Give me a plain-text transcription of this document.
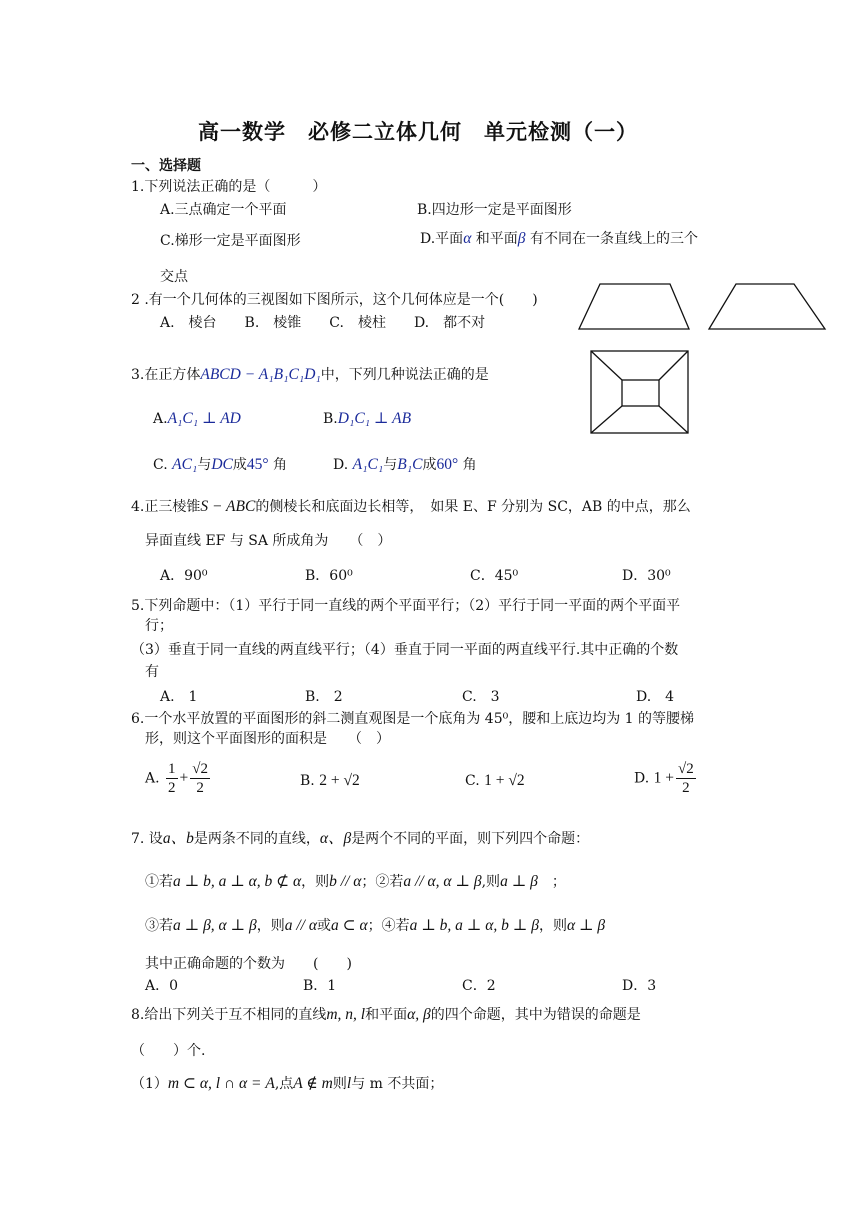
高一数学　必修二立体几何　单元检测（一）
一、选择题
1.下列说法正确的是（　　　）
A.三点确定一个平面	B.四边形一定是平面图形
C.梯形一定是平面图形	D.平面α 和平面β 有不同在一条直线上的三个
交点
2 .有一个几何体的三视图如下图所示，这个几何体应是一个(　　)
A.　棱台　　B.　棱锥　　C.　棱柱　　D.　都不对
3.在正方体ABCD − A₁B₁C₁D₁中，下列几种说法正确的是
A.A₁C₁ ⊥ AD	B.D₁C₁ ⊥ AB
C. AC₁与DC成45° 角	D. A₁C₁与B₁C成60° 角
4.正三棱锥S − ABC的侧棱长和底面边长相等，　如果 E、F 分别为 SC，AB 的中点，那么
异面直线 EF 与 SA 所成角为　　（　）
A．90⁰	B．60⁰	C．45⁰	D．30⁰
5.下列命题中：（1）平行于同一直线的两个平面平行；（2）平行于同一平面的两个平面平
行；
（3）垂直于同一直线的两直线平行；（4）垂直于同一平面的两直线平行.其中正确的个数
有
A.　1	B.　2	C.　3	D.　4
6.一个水平放置的平面图形的斜二测直观图是一个底角为 45⁰，腰和上底边均为 1 的等腰梯
形，则这个平面图形的面积是　　（　）
A. $\frac{1}{2} + \frac{√2}{2}$	B. 2 + √2	C. 1 + √2	D. $1 + \frac{√2}{2}$
7. 设a、b是两条不同的直线，α、β是两个不同的平面，则下列四个命题：
①若a ⊥ b, a ⊥ α, b ⊄ α，则b // α；②若a // α, α ⊥ β,则a ⊥ β　；
③若a ⊥ β, α ⊥ β，则a // α或a ⊂ α；④若a ⊥ b, a ⊥ α, b ⊥ β，则α ⊥ β
其中正确命题的个数为　　(　　)
A．0	B．1	C．2	D．3
8.给出下列关于互不相同的直线m, n, l和平面α, β的四个命题，其中为错误的命题是
（　　）个.
（1）m ⊂ α, l ∩ α = A,点A ∉ m则l与 m 不共面；
